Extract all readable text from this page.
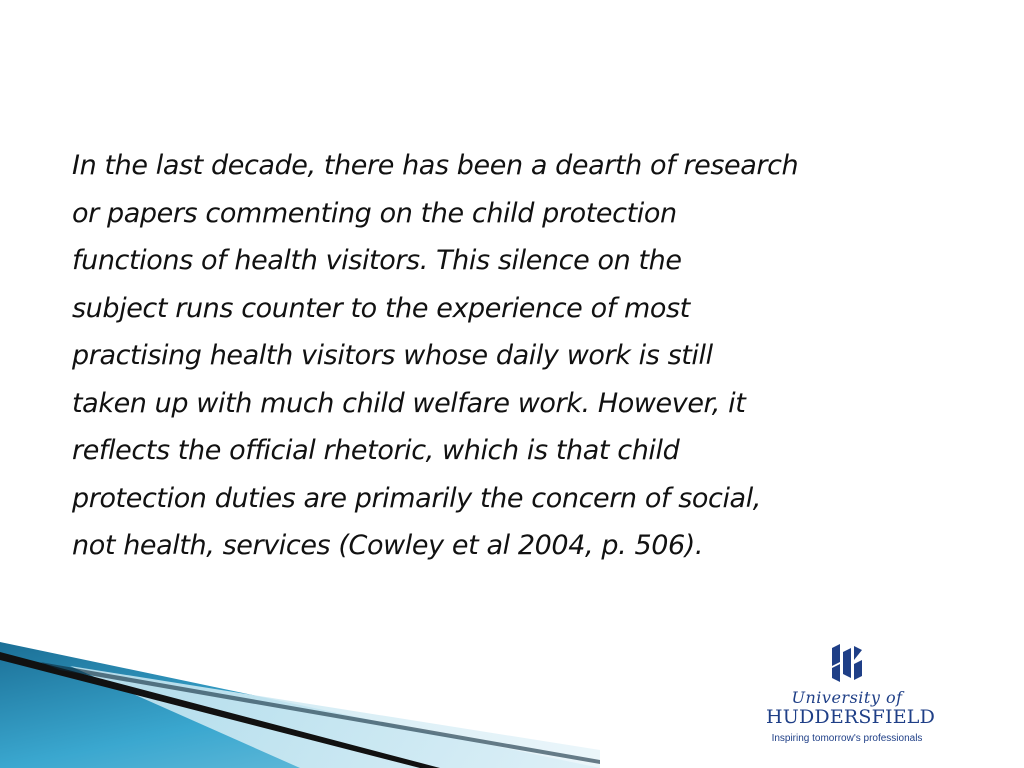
In the last decade, there has been a dearth of research
or papers commenting on the child protection
functions of health visitors. This silence on the
subject runs counter to the experience of most
practising health visitors whose daily work is still
taken up with much child welfare work. However, it
reflects the official rhetoric, which is that child
protection duties are primarily the concern of social,
not health, services (Cowley et al 2004, p. 506).

University of
HUDDERSFIELD
Inspiring tomorrow's professionals
